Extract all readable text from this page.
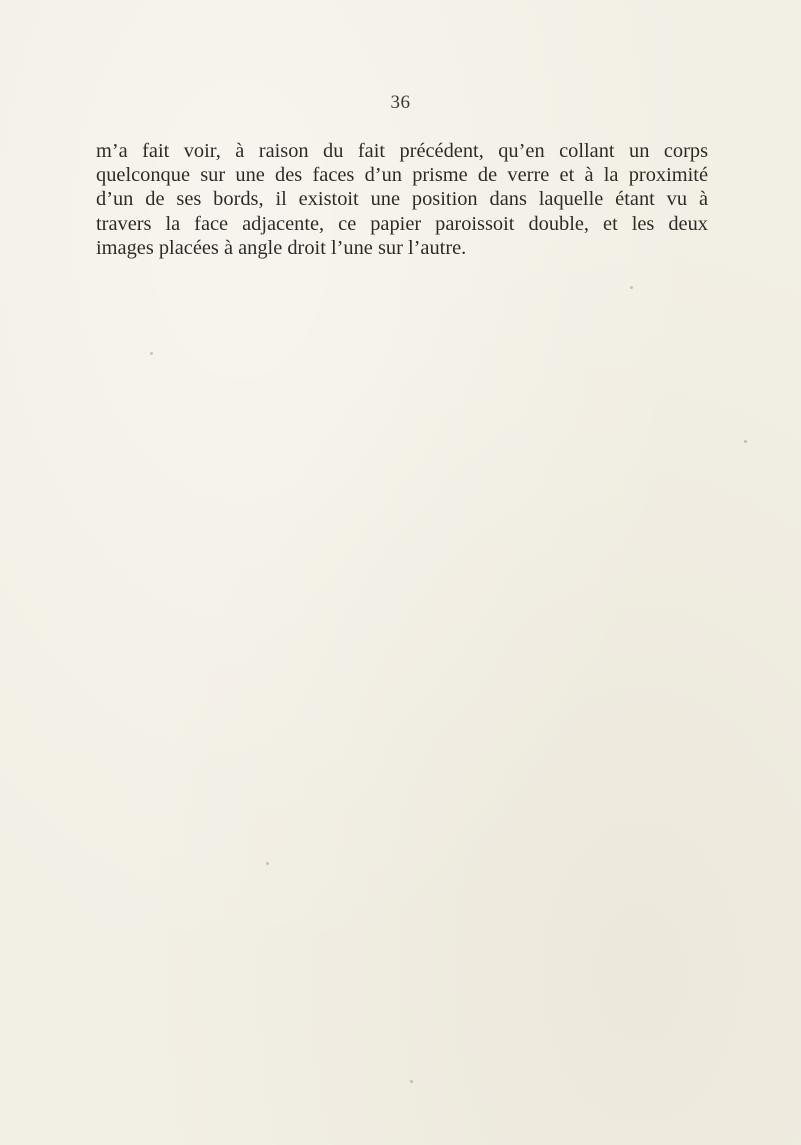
36
m’a fait voir, à raison du fait précédent, qu’en collant un corps
quelconque sur une des faces d’un prisme de verre et à la proximité
d’un de ses bords, il existoit une position dans laquelle étant vu à
travers la face adjacente, ce papier paroissoit double, et les deux
images placées à angle droit l’une sur l’autre.
